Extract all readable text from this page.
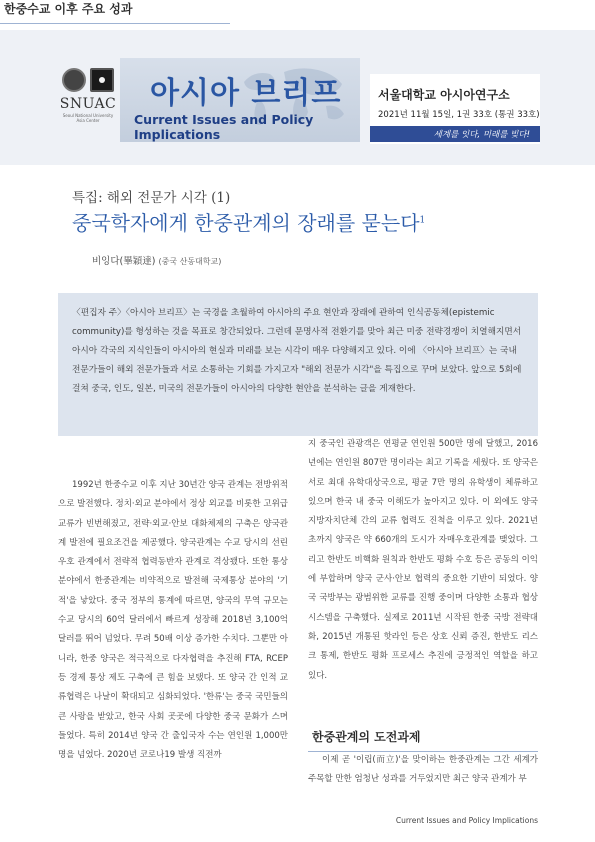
SNUAC
Seoul National University Asia Center
아시아 브리프
Current Issues and Policy Implications
서울대학교 아시아연구소
2021년 11월 15일, 1권 33호 (통권 33호)
세계를 잇다, 미래를 빚다!
특집: 해외 전문가 시각 (1)
중국학자에게 한중관계의 장래를 묻는다$^1$
비잉다(畢穎達) (중국 산동대학교)
〈편집자 주〉〈아시아 브리프〉는 국경을 초월하여 아시아의 주요 현안과 장래에 관하여 인식공동체(epistemic community)를 형성하는 것을 목표로 창간되었다. 그런데 문명사적 전환기를 맞아 최근 미중 전략경쟁이 치열해지면서 아시아 각국의 지식인들이 아시아의 현실과 미래를 보는 시각이 매우 다양해지고 있다. 이에 〈아시아 브리프〉는 국내 전문가들이 해외 전문가들과 서로 소통하는 기회를 가지고자 "해외 전문가 시각"을 특집으로 꾸며 보았다. 앞으로 5회에 걸쳐 중국, 인도, 일본, 미국의 전문가들이 아시아의 다양한 현안을 분석하는 글을 게재한다.
한중수교 이후 주요 성과

1992년 한중수교 이후 지난 30년간 양국 관계는 전방위적으로 발전했다. 정치·외교 분야에서 정상 외교를 비롯한 고위급 교류가 빈번해졌고, 전략·외교·안보 대화체제의 구축은 양국관계 발전에 필요조건을 제공했다. 양국관계는 수교 당시의 선린우호 관계에서 전략적 협력동반자 관계로 격상됐다. 또한 통상 분야에서 한중관계는 비약적으로 발전해 국제통상 분야의 '기적'을 낳았다. 중국 정부의 통계에 따르면, 양국의 무역 규모는 수교 당시의 60억 달러에서 빠르게 성장해 2018년 3,100억 달러를 뛰어 넘었다. 무려 50배 이상 증가한 수치다. 그뿐만 아니라, 한중 양국은 적극적으로 다자협력을 추진해 FTA, RCEP 등 경제 통상 제도 구축에 큰 힘을 보탰다. 또 양국 간 인적 교류협력은 나날이 확대되고 심화되었다. '한류'는 중국 국민들의 큰 사랑을 받았고, 한국 사회 곳곳에 다양한 중국 문화가 스며들었다. 특히 2014년 양국 간 출입국자 수는 연인원 1,000만 명을 넘었다. 2020년 코로나19 발생 직전까

지 중국인 관광객은 연평균 연인원 500만 명에 달했고, 2016년에는 연인원 807만 명이라는 최고 기록을 세웠다. 또 양국은 서로 최대 유학대상국으로, 평균 7만 명의 유학생이 체류하고 있으며 한국 내 중국 이해도가 높아지고 있다. 이 외에도 양국 지방자치단체 간의 교류 협력도 진척을 이루고 있다. 2021년 초까지 양국은 약 660개의 도시가 자매우호관계를 맺었다. 그리고 한반도 비핵화 원칙과 한반도 평화 수호 등은 공동의 이익에 부합하며 양국 군사·안보 협력의 중요한 기반이 되었다. 양국 국방부는 광범위한 교류를 진행 중이며 다양한 소통과 협상 시스템을 구축했다. 실제로 2011년 시작된 한중 국방 전략대화, 2015년 개통된 핫라인 등은 상호 신뢰 증진, 한반도 리스크 통제, 한반도 평화 프로세스 추진에 긍정적인 역할을 하고 있다.

한중관계의 도전과제

이제 곧 '이립(而立)'을 맞이하는 한중관계는 그간 세계가 주목할 만한 엄청난 성과를 거두었지만 최근 양국 관계가 부

Current Issues and Policy Implications
